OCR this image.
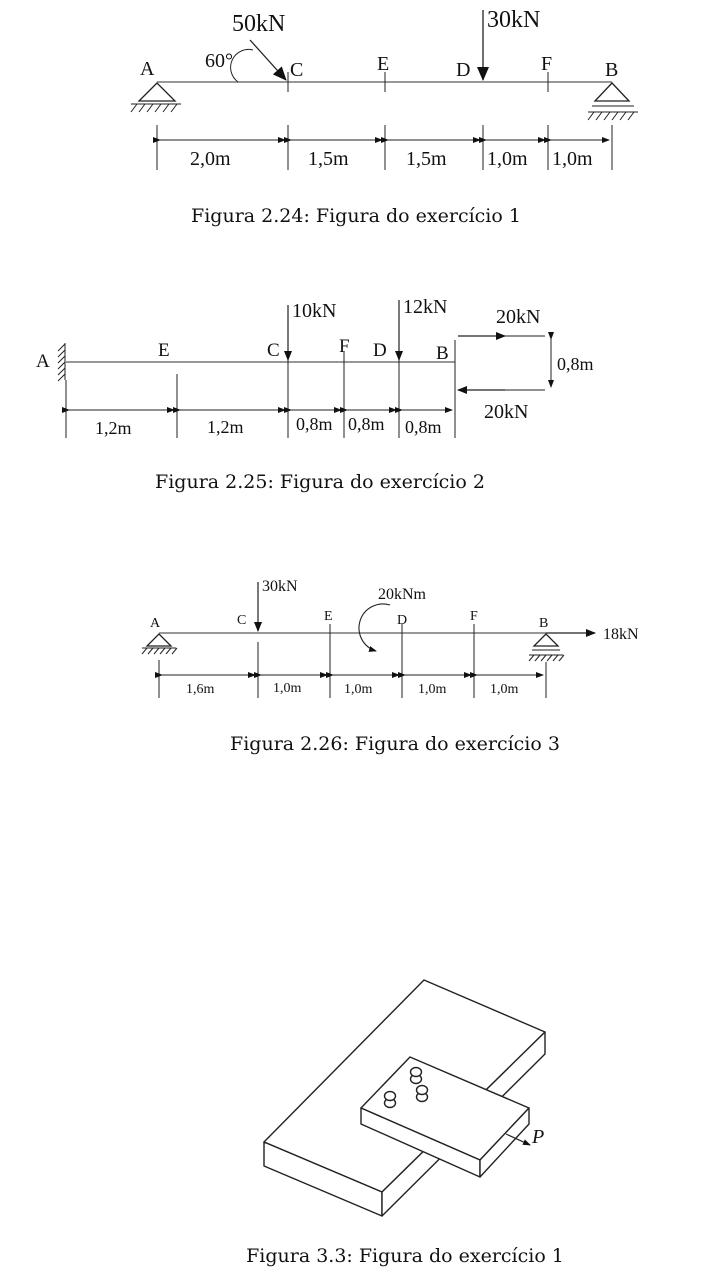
50kN
60°
30kN
A	C	E	D	F	B
2,0m	1,5m	1,5m 1,0m 1,0m
Figura 2.24: Figura do exercício 1
10kN	12kN 20kN
20kN
0,8m
A
E	C	F D	B
1,2m	1,2m	0,8m 0,8m 0,8m
Figura 2.25: Figura do exercício 2
30kN	20kNm
18kN
A	C	E	D	F	B
1,6m	1,0m	1,0m	1,0m	1,0m
Figura 2.26: Figura do exercício 3
P
Figura 3.3: Figura do exercício 1
